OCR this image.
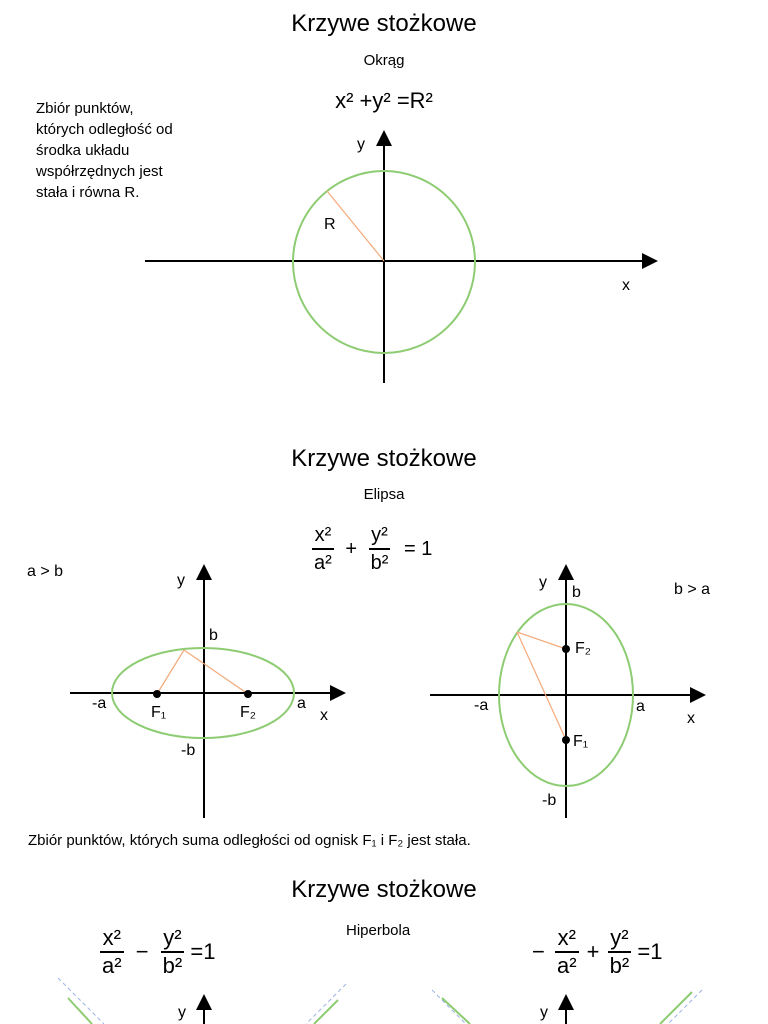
Krzywe stożkowe
Okrąg
x² +y² =R²
Zbiór punktów,
których odległość od
środka układu
współrzędnych jest
stała i równa R.
y
x
R
Krzywe stożkowe
Elipsa
$\frac{\text{x²}}{\text{a²}} + \frac{\text{y²}}{\text{b²}} = 1$
a > b
y
b
-a	a
x
F₁	F₂
-b
y
b	b > a
F₂
-a	a
x
F₁
-b
Zbiór punktów, których suma odległości od ognisk F₁ i F₂ jest stała.
Krzywe stożkowe
Hiperbola
$\frac{\text{x²}}{\text{a²}} - \frac{\text{y²}}{\text{b²}} =1$	− $\frac{\text{x²}}{\text{a²}} + \frac{\text{y²}}{\text{b²}} =1$
y	y
